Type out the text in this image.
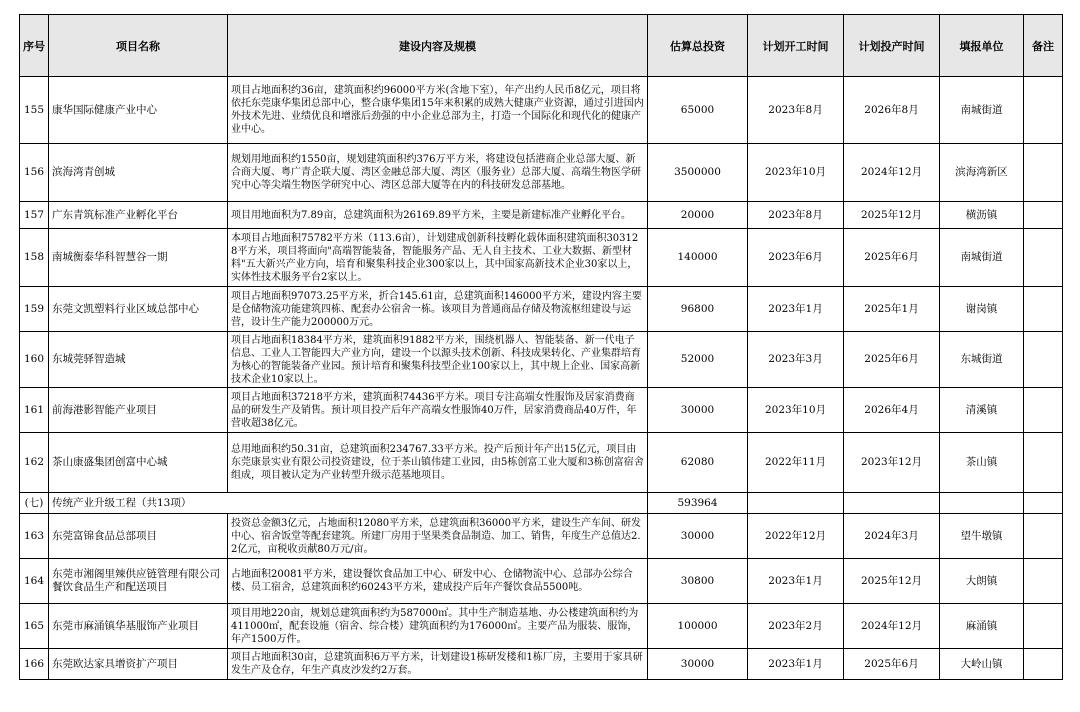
序号	项目名称	建设内容及规模	估算总投资	计划开工时间	计划投产时间	填报单位	备注
155	康华国际健康产业中心	项目占地面积约36亩，建筑面积约96000平方米(含地下室），年产出约人民币8亿元，项目将依托东莞康华集团总部中心，整合康华集团15年来积累的成熟大健康产业资源，通过引进国内外技术先进、业绩优良和增涨后劲强的中小企业总部为主，打造一个国际化和现代化的健康产业中心。	65000	2023年8月	2026年8月	南城街道	
156	滨海湾青创城	规划用地面积约1550亩，规划建筑面积约376万平方米，将建设包括港商企业总部大厦、新合商大厦、粤广青企联大厦、湾区金融总部大厦、湾区（服务业）总部大厦、高端生物医学研究中心等尖端生物医学研究中心、湾区总部大厦等在内的科技研发总部基地。	3500000	2023年10月	2024年12月	滨海湾新区	
157	广东青筑标准产业孵化平台	项目用地面积为7.89亩，总建筑面积为26169.89平方米，主要是新建标准产业孵化平台。	20000	2023年8月	2025年12月	横沥镇	
158	南城衡泰华科智慧谷一期	本项目占地面积75782平方米（113.6亩），计划建成创新科技孵化载体面积建筑面积303128平方米，项目将面向"高端智能装备，智能服务产品、无人自主技术、工业大数据、新型材料"五大新兴产业方向，培育和聚集科技企业300家以上，其中国家高新技术企业30家以上，实体性技术服务平台2家以上。	140000	2023年6月	2025年6月	南城街道	
159	东莞文凯塑料行业区域总部中心	项目占地面积97073.25平方米，折合145.61亩，总建筑面积146000平方米，建设内容主要是仓储物流功能建筑四栋、配套办公宿舍一栋。该项目为普通商品存储及物流枢纽建设与运营，设计生产能力200000万元。	96800	2023年1月	2025年1月	谢岗镇	
160	东城莞驿智造城	项目占地面积18384平方米，建筑面积91882平方米，围绕机器人、智能装备、新一代电子信息、工业人工智能四大产业方向，建设一个以源头技术创新、科技成果转化、产业集群培育为核心的智能装备产业园。预计培育和聚集科技型企业100家以上，其中规上企业、国家高新技术企业10家以上。	52000	2023年3月	2025年6月	东城街道	
161	前海港影智能产业项目	项目占地面积37218平方米，建筑面积74436平方米。项目专注高端女性服饰及居家消费商品的研发生产及销售。预计项目投产后年产高端女性服饰40万件，居家消费商品40万件，年营收超38亿元。	30000	2023年10月	2026年4月	清溪镇	
162	茶山康盛集团创富中心城	总用地面积约50.31亩，总建筑面积234767.33平方米。投产后预计年产出15亿元，项目由东莞康景实业有限公司投资建设，位于茶山镇伟建工业园，由5栋创富工业大厦和3栋创富宿舍组成，项目被认定为产业转型升级示范基地项目。	62080	2022年11月	2023年12月	茶山镇	
(七)	传统产业升级工程（共13项）		593964				
163	东莞富锦食品总部项目	投资总金额3亿元，占地面积12080平方米，总建筑面积36000平方米，建设生产车间、研发中心、宿舍饭堂等配套建筑。所建厂房用于坚果类食品制造、加工、销售，年度生产总值达2.2亿元，亩税收贡献80万元/亩。	30000	2022年12月	2024年3月	望牛墩镇	
164	东莞市湘阁里辣供应链管理有限公司餐饮食品生产和配送项目	占地面积20081平方米，建设餐饮食品加工中心、研发中心、仓储物流中心、总部办公综合楼、员工宿舍，总建筑面积约60243平方米，建成投产后年产餐饮食品5500吨。	30800	2023年1月	2025年12月	大朗镇	
165	东莞市麻涌镇华基服饰产业项目	项目用地220亩，规划总建筑面积约为587000㎡。其中生产制造基地、办公楼建筑面积约为411000㎡，配套设施（宿舍、综合楼）建筑面积约为176000㎡。主要产品为服装、服饰，年产1500万件。	100000	2023年2月	2024年12月	麻涌镇	
166	东莞欧达家具增资扩产项目	项目占地面积30亩，总建筑面积6万平方米，计划建设1栋研发楼和1栋厂房，主要用于家具研发生产及仓存，年生产真皮沙发约2万套。	30000	2023年1月	2025年6月	大岭山镇	
